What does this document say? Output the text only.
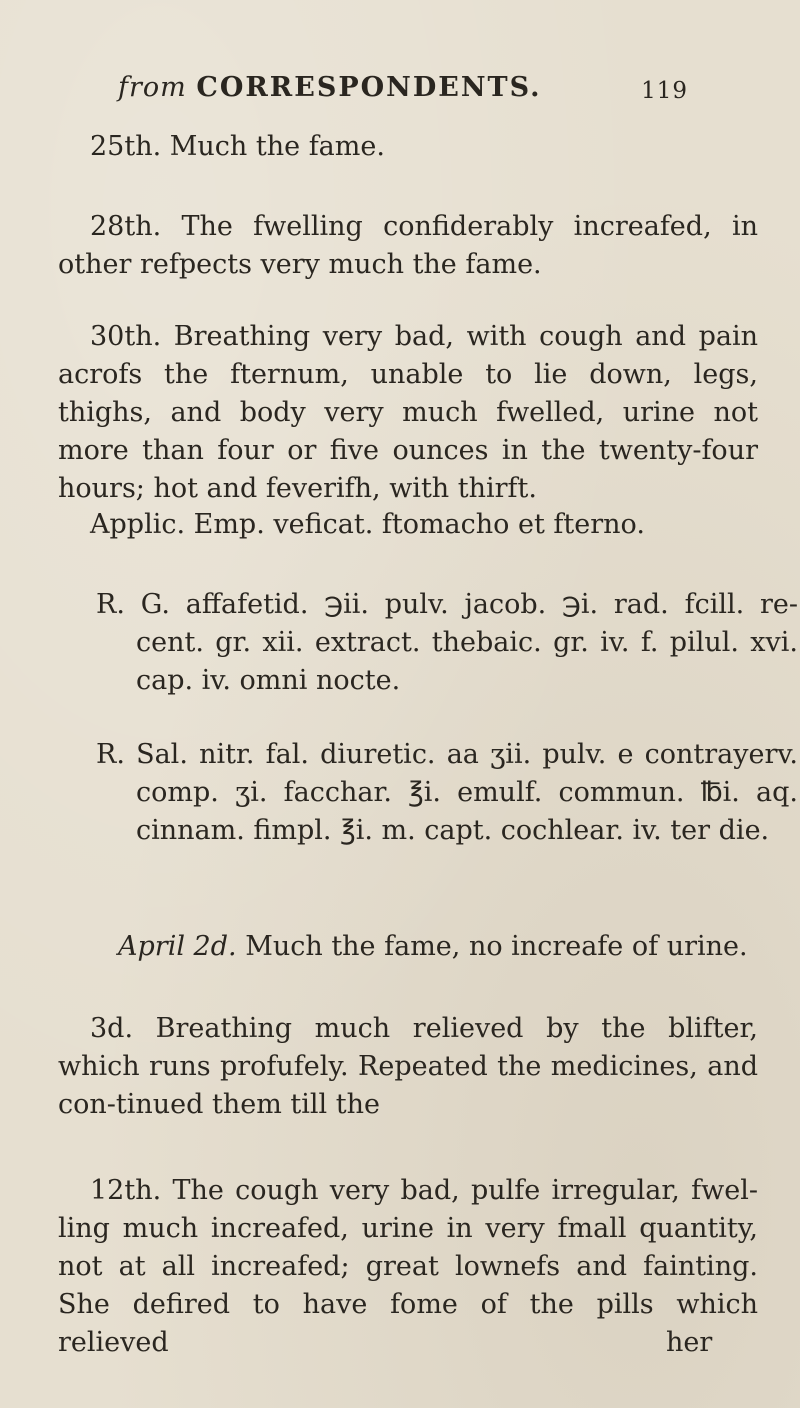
from CORRESPONDENTS.	119
25th. Much the fame.
28th. The fwelling confiderably increafed, in other refpects very much the fame.
30th. Breathing very bad, with cough and pain acrofs the fternum, unable to lie down, legs, thighs, and body very much fwelled, urine not more than four or five ounces in the twenty-four hours; hot and feverifh, with thirft.
Applic. Emp. veficat. ftomacho et fterno.
R. G. affafetid. ℈ii. pulv. jacob. ℈i. rad. fcill. re-cent. gr. xii. extract. thebaic. gr. iv. f. pilul. xvi. cap. iv. omni nocte.
R. Sal. nitr. fal. diuretic. aa ʒii. pulv. e contrayerv. comp. ʒi. facchar. ℥i. emulf. commun. ℔i. aq. cinnam. fimpl. ℥i. m. capt. cochlear. iv. ter die.
April 2d. Much the fame, no increafe of urine.
3d. Breathing much relieved by the blifter, which runs profufely. Repeated the medicines, and con-tinued them till the
12th. The cough very bad, pulfe irregular, fwel-ling much increafed, urine in very fmall quantity, not at all increafed; great lownefs and fainting. She defired to have fome of the pills which relieved	her
